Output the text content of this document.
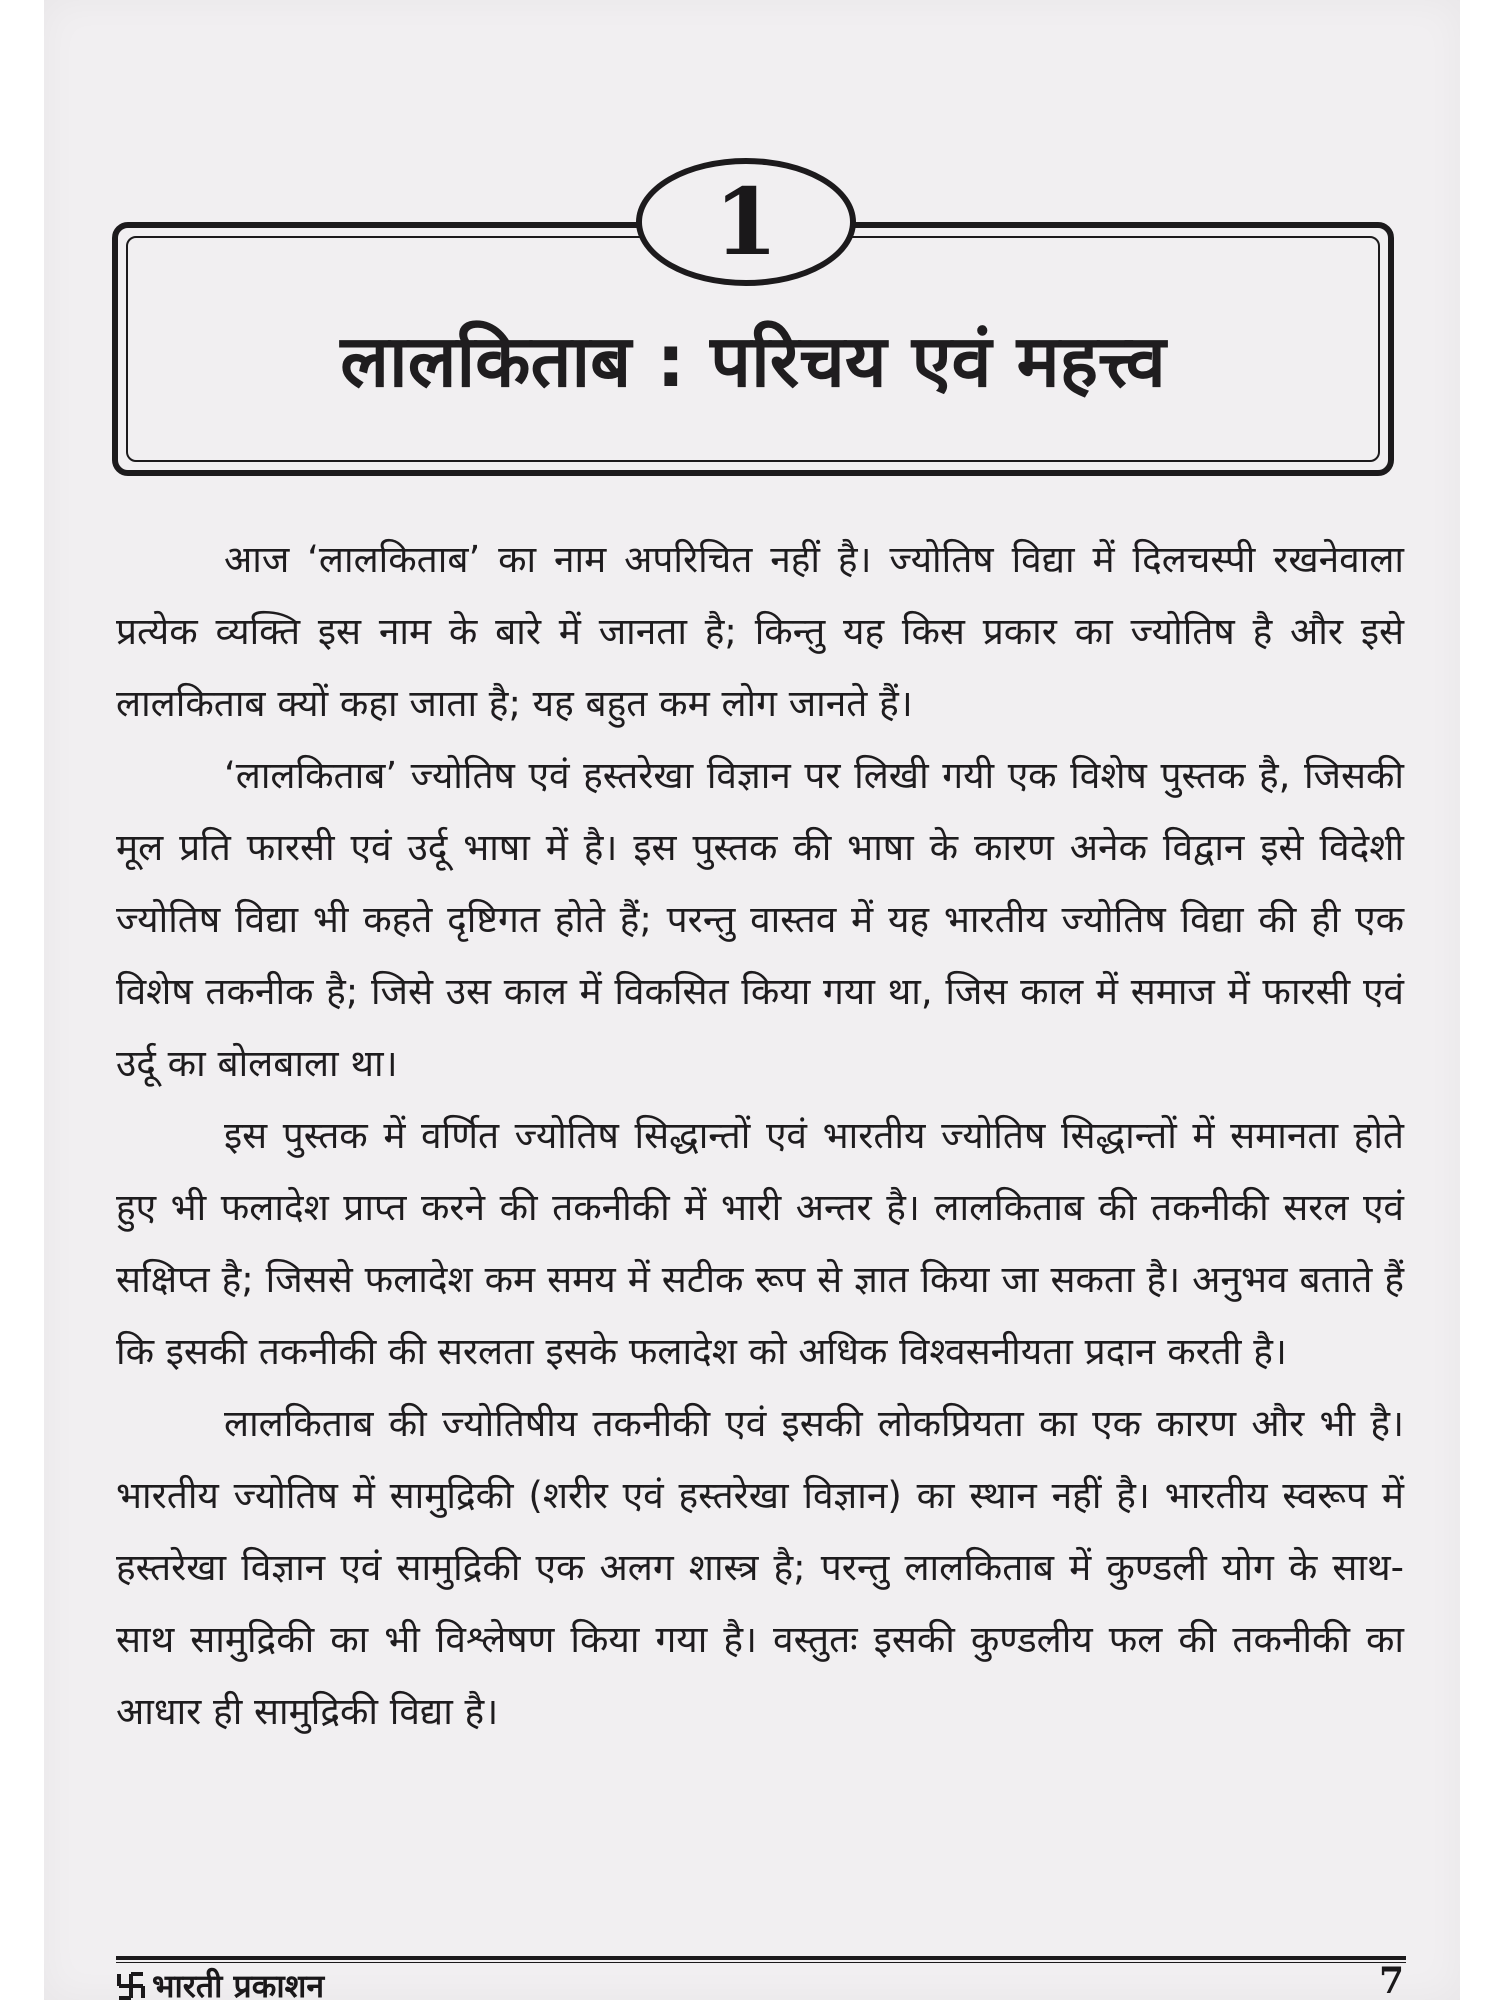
1
लालकिताब : परिचय एवं महत्त्व

आज ‘लालकिताब’ का नाम अपरिचित नहीं है। ज्योतिष विद्या में दिलचस्पी रखनेवाला प्रत्येक व्यक्ति इस नाम के बारे में जानता है; किन्तु यह किस प्रकार का ज्योतिष है और इसे लालकिताब क्यों कहा जाता है; यह बहुत कम लोग जानते हैं।

‘लालकिताब’ ज्योतिष एवं हस्तरेखा विज्ञान पर लिखी गयी एक विशेष पुस्तक है, जिसकी मूल प्रति फारसी एवं उर्दू भाषा में है। इस पुस्तक की भाषा के कारण अनेक विद्वान इसे विदेशी ज्योतिष विद्या भी कहते दृष्टिगत होते हैं; परन्तु वास्तव में यह भारतीय ज्योतिष विद्या की ही एक विशेष तकनीक है; जिसे उस काल में विकसित किया गया था, जिस काल में समाज में फारसी एवं उर्दू का बोलबाला था।

इस पुस्तक में वर्णित ज्योतिष सिद्धान्तों एवं भारतीय ज्योतिष सिद्धान्तों में समानता होते हुए भी फलादेश प्राप्त करने की तकनीकी में भारी अन्तर है। लालकिताब की तकनीकी सरल एवं सक्षिप्त है; जिससे फलादेश कम समय में सटीक रूप से ज्ञात किया जा सकता है। अनुभव बताते हैं कि इसकी तकनीकी की सरलता इसके फलादेश को अधिक विश्वसनीयता प्रदान करती है।

लालकिताब की ज्योतिषीय तकनीकी एवं इसकी लोकप्रियता का एक कारण और भी है। भारतीय ज्योतिष में सामुद्रिकी (शरीर एवं हस्तरेखा विज्ञान) का स्थान नहीं है। भारतीय स्वरूप में हस्तरेखा विज्ञान एवं सामुद्रिकी एक अलग शास्त्र है; परन्तु लालकिताब में कुण्डली योग के साथ-साथ सामुद्रिकी का भी विश्लेषण किया गया है। वस्तुतः इसकी कुण्डलीय फल की तकनीकी का आधार ही सामुद्रिकी विद्या है।

भारती प्रकाशन	7
